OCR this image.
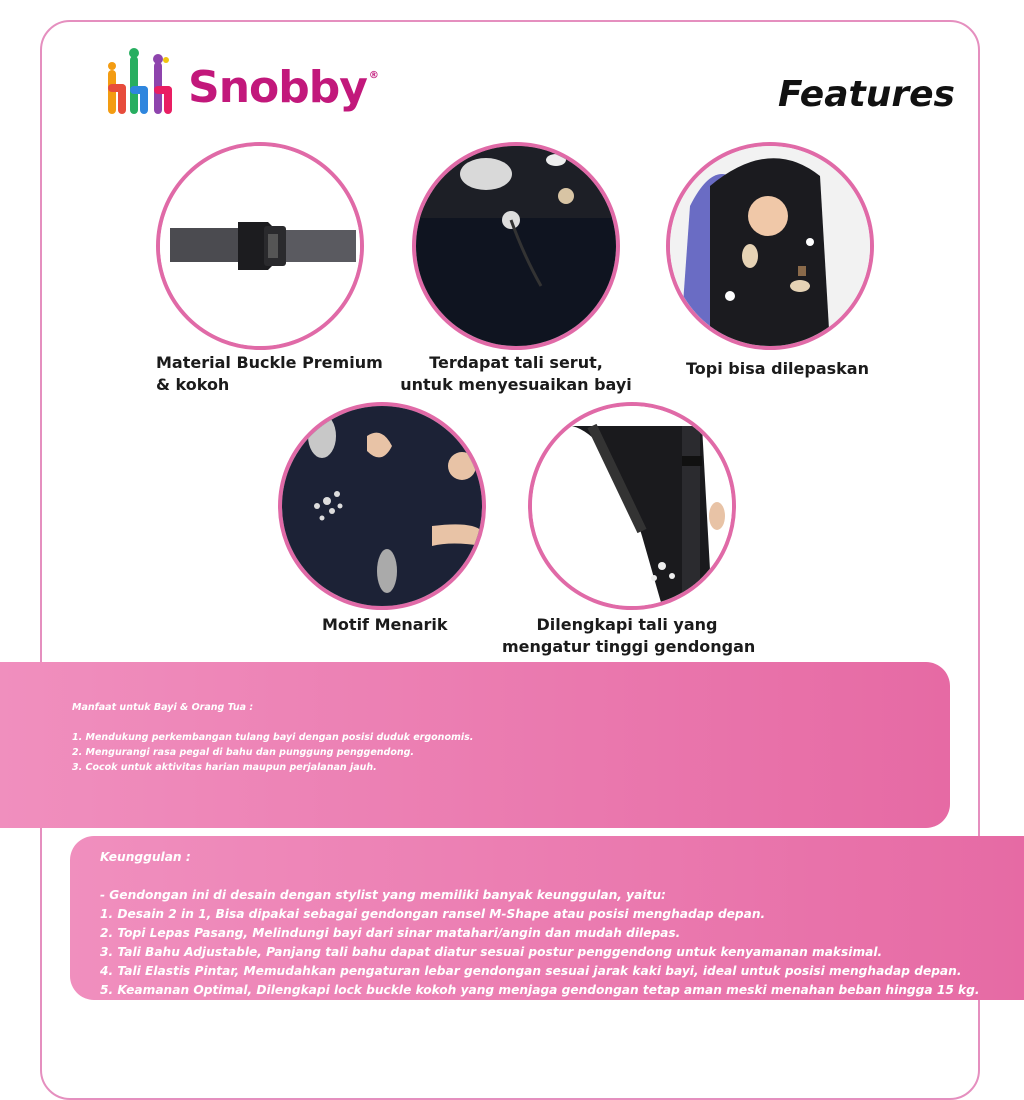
Snobby ®	Features
Material Buckle Premium
& kokoh
Terdapat tali serut,
untuk menyesuaikan bayi
Topi bisa dilepaskan
Motif Menarik	Dilengkapi tali yang
mengatur tinggi gendongan
Manfaat untuk Bayi & Orang Tua :

1. Mendukung perkembangan tulang bayi dengan posisi duduk ergonomis.
2. Mengurangi rasa pegal di bahu dan punggung penggendong.
3. Cocok untuk aktivitas harian maupun perjalanan jauh.
Keunggulan :

- Gendongan ini di desain dengan stylist yang memiliki banyak keunggulan, yaitu:
1. Desain 2 in 1, Bisa dipakai sebagai gendongan ransel M-Shape atau posisi menghadap depan.
2. Topi Lepas Pasang, Melindungi bayi dari sinar matahari/angin dan mudah dilepas.
3. Tali Bahu Adjustable, Panjang tali bahu dapat diatur sesuai postur penggendong untuk kenyamanan maksimal.
4. Tali Elastis Pintar, Memudahkan pengaturan lebar gendongan sesuai jarak kaki bayi, ideal untuk posisi menghadap depan.
5. Keamanan Optimal, Dilengkapi lock buckle kokoh yang menjaga gendongan tetap aman meski menahan beban hingga 15 kg.
